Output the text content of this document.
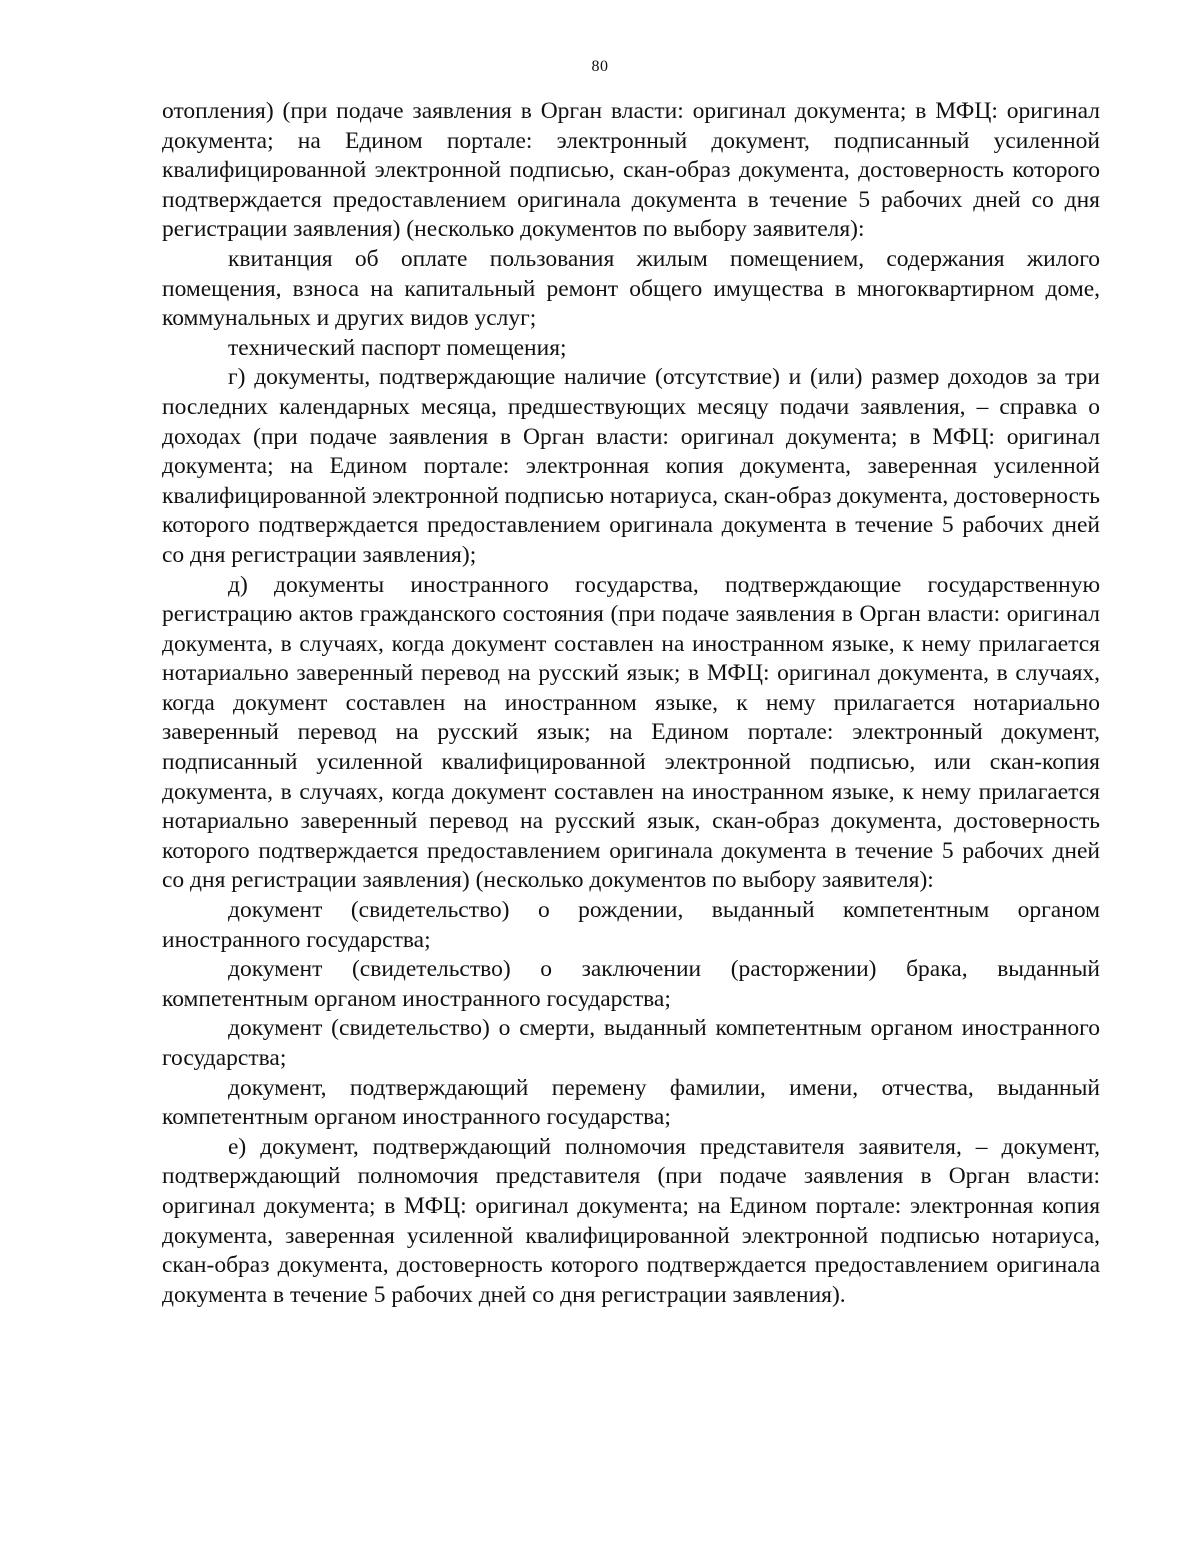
80

отопления) (при подаче заявления в Орган власти: оригинал документа; в МФЦ: оригинал документа; на Едином портале: электронный документ, подписанный усиленной квалифицированной электронной подписью, скан-образ документа, достоверность которого подтверждается предоставлением оригинала документа в течение 5 рабочих дней со дня регистрации заявления) (несколько документов по выбору заявителя):

квитанция об оплате пользования жилым помещением, содержания жилого помещения, взноса на капитальный ремонт общего имущества в многоквартирном доме, коммунальных и других видов услуг;

технический паспорт помещения;

г) документы, подтверждающие наличие (отсутствие) и (или) размер доходов за три последних календарных месяца, предшествующих месяцу подачи заявления, – справка о доходах (при подаче заявления в Орган власти: оригинал документа; в МФЦ: оригинал документа; на Едином портале: электронная копия документа, заверенная усиленной квалифицированной электронной подписью нотариуса, скан-образ документа, достоверность которого подтверждается предоставлением оригинала документа в течение 5 рабочих дней со дня регистрации заявления);

д) документы иностранного государства, подтверждающие государственную регистрацию актов гражданского состояния (при подаче заявления в Орган власти: оригинал документа, в случаях, когда документ составлен на иностранном языке, к нему прилагается нотариально заверенный перевод на русский язык; в МФЦ: оригинал документа, в случаях, когда документ составлен на иностранном языке, к нему прилагается нотариально заверенный перевод на русский язык; на Едином портале: электронный документ, подписанный усиленной квалифицированной электронной подписью, или скан-копия документа, в случаях, когда документ составлен на иностранном языке, к нему прилагается нотариально заверенный перевод на русский язык, скан-образ документа, достоверность которого подтверждается предоставлением оригинала документа в течение 5 рабочих дней со дня регистрации заявления) (несколько документов по выбору заявителя):

документ (свидетельство) о рождении, выданный компетентным органом иностранного государства;

документ (свидетельство) о заключении (расторжении) брака, выданный компетентным органом иностранного государства;

документ (свидетельство) о смерти, выданный компетентным органом иностранного государства;

документ, подтверждающий перемену фамилии, имени, отчества, выданный компетентным органом иностранного государства;

е) документ, подтверждающий полномочия представителя заявителя, – документ, подтверждающий полномочия представителя (при подаче заявления в Орган власти: оригинал документа; в МФЦ: оригинал документа; на Едином портале: электронная копия документа, заверенная усиленной квалифицированной электронной подписью нотариуса, скан-образ документа, достоверность которого подтверждается предоставлением оригинала документа в течение 5 рабочих дней со дня регистрации заявления).
